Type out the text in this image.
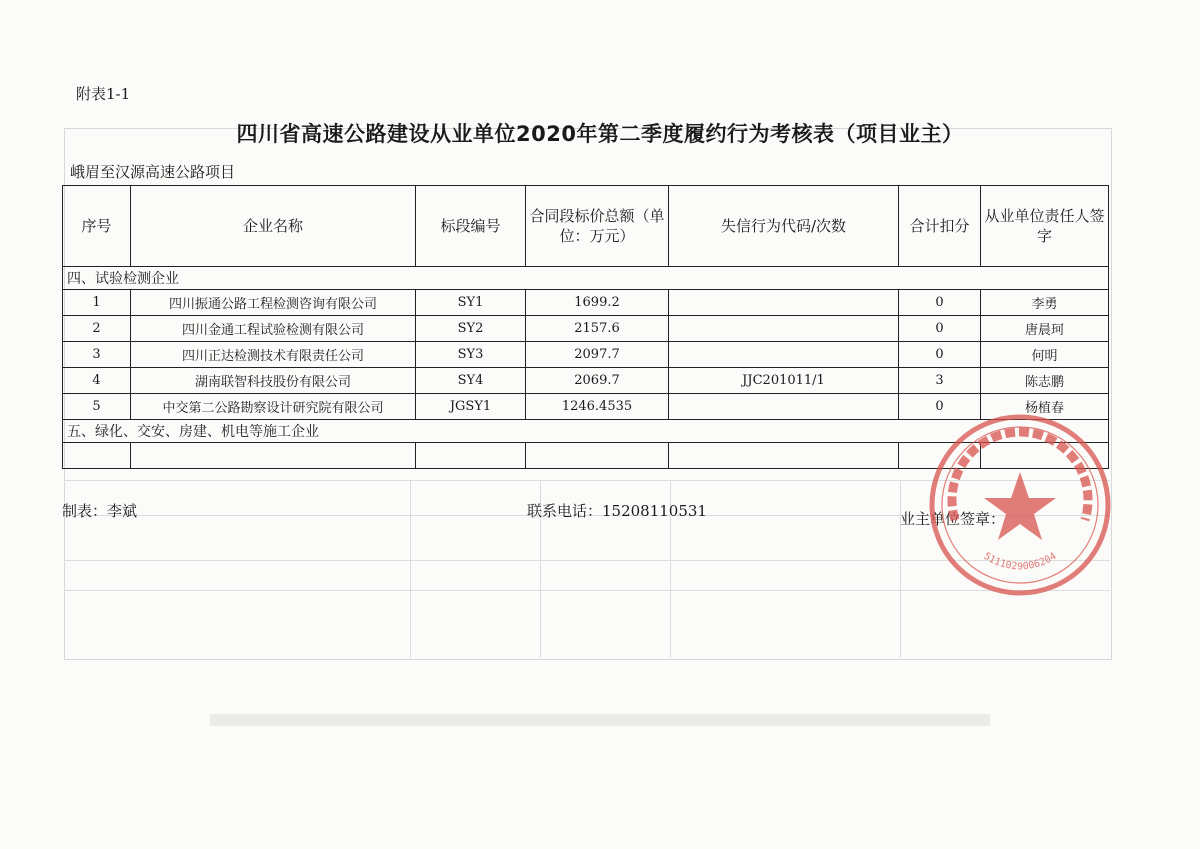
附表1-1
四川省高速公路建设从业单位2020年第二季度履约行为考核表（项目业主）
峨眉至汉源高速公路项目
序号	企业名称	标段编号	合同段标价总额（单位：万元）	失信行为代码/次数	合计扣分	从业单位责任人签字
四、试验检测企业						
1	四川振通公路工程检测咨询有限公司	SY1	1699.2		0	李勇
2	四川金通工程试验检测有限公司	SY2	2157.6		0	唐晨珂
3	四川正达检测技术有限责任公司	SY3	2097.7		0	何明
4	湖南联智科技股份有限公司	SY4	2069.7	JJC201011/1	3	陈志鹏
5	中交第二公路勘察设计研究院有限公司	JGSY1	1246.4535		0	杨植春
五、绿化、交安、房建、机电等施工企业						

制表：李斌	联系电话：15208110531	业主单位签章：
5111029006204
